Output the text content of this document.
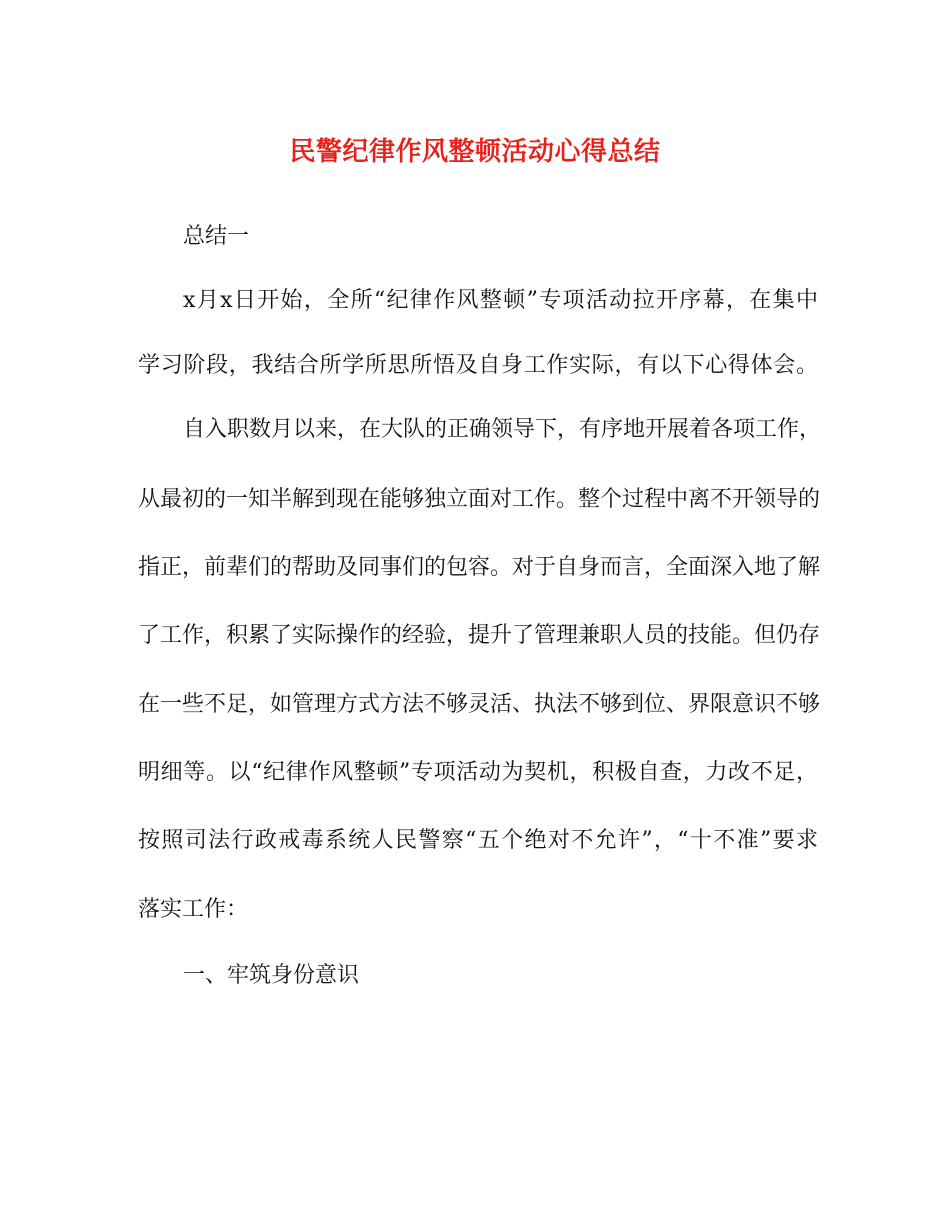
民警纪律作风整顿活动心得总结
总结一
x月x日开始，全所“纪律作风整顿”专项活动拉开序幕，在集中
学习阶段，我结合所学所思所悟及自身工作实际，有以下心得体会。
自入职数月以来，在大队的正确领导下，有序地开展着各项工作，
从最初的一知半解到现在能够独立面对工作。整个过程中离不开领导的
指正，前辈们的帮助及同事们的包容。对于自身而言，全面深入地了解
了工作，积累了实际操作的经验，提升了管理兼职人员的技能。但仍存
在一些不足，如管理方式方法不够灵活、执法不够到位、界限意识不够
明细等。以“纪律作风整顿”专项活动为契机，积极自查，力改不足，
按照司法行政戒毒系统人民警察“五个绝对不允许”，“十不准”要求
落实工作：
一、牢筑身份意识
